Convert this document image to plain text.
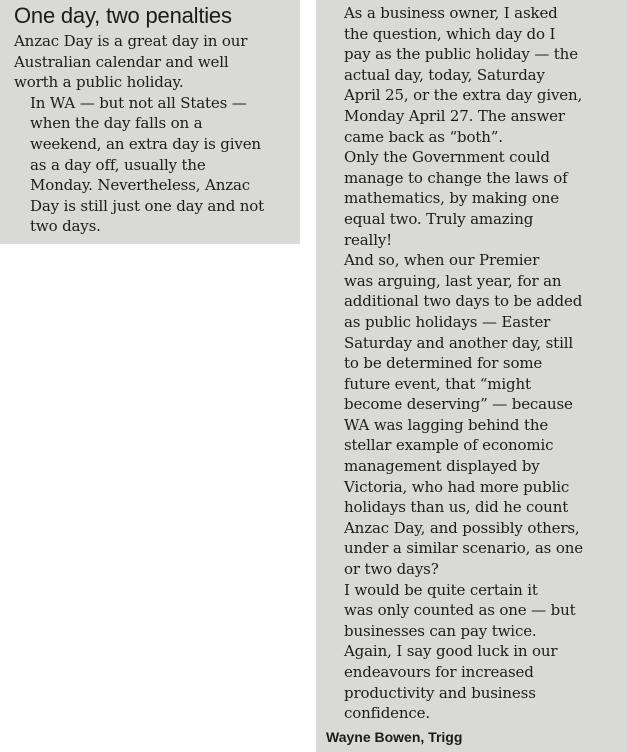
One day, two penalties

Anzac Day is a great day in our
Australian calendar and well
worth a public holiday.

In WA — but not all States —
when the day falls on a
weekend, an extra day is given
as a day off, usually the
Monday. Nevertheless, Anzac
Day is still just one day and not
two days.

As a business owner, I asked
the question, which day do I
pay as the public holiday — the
actual day, today, Saturday
April 25, or the extra day given,
Monday April 27. The answer
came back as “both”.

Only the Government could
manage to change the laws of
mathematics, by making one
equal two. Truly amazing
really!

And so, when our Premier
was arguing, last year, for an
additional two days to be added
as public holidays — Easter
Saturday and another day, still
to be determined for some
future event, that “might
become deserving” — because
WA was lagging behind the
stellar example of economic
management displayed by
Victoria, who had more public
holidays than us, did he count
Anzac Day, and possibly others,
under a similar scenario, as one
or two days?

I would be quite certain it
was only counted as one — but
businesses can pay twice.

Again, I say good luck in our
endeavours for increased
productivity and business
confidence.

Wayne Bowen, Trigg
